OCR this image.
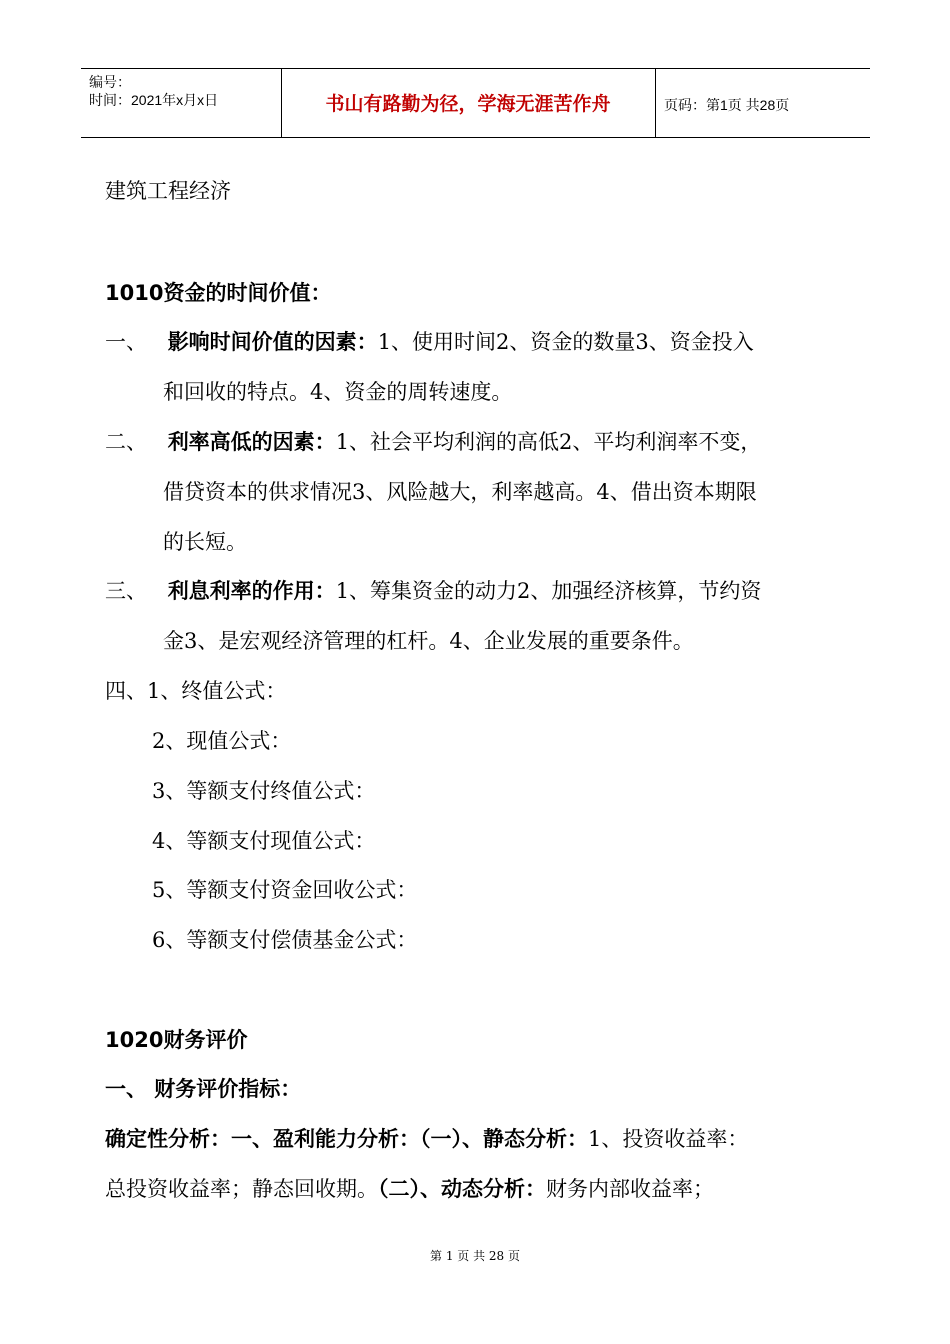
编号：
时间：2021年x月x日	书山有路勤为径，学海无涯苦作舟	页码：第1页 共28页
建筑工程经济
1010资金的时间价值：
一、 影响时间价值的因素：1、使用时间2、资金的数量3、资金投入
和回收的特点。4、资金的周转速度。
二、 利率高低的因素：1、社会平均利润的高低2、平均利润率不变，
借贷资本的供求情况3、风险越大，利率越高。4、借出资本期限
的长短。
三、 利息利率的作用：1、筹集资金的动力2、加强经济核算，节约资
金3、是宏观经济管理的杠杆。4、企业发展的重要条件。
四、1、终值公式：
2、现值公式：
3、等额支付终值公式：
4、等额支付现值公式：
5、等额支付资金回收公式：
6、等额支付偿债基金公式：
1020财务评价
一、 财务评价指标：
确定性分析：一、盈利能力分析：（一）、静态分析：1、投资收益率：
总投资收益率；静态回收期。（二）、动态分析：财务内部收益率；
第 1 页 共 28 页
